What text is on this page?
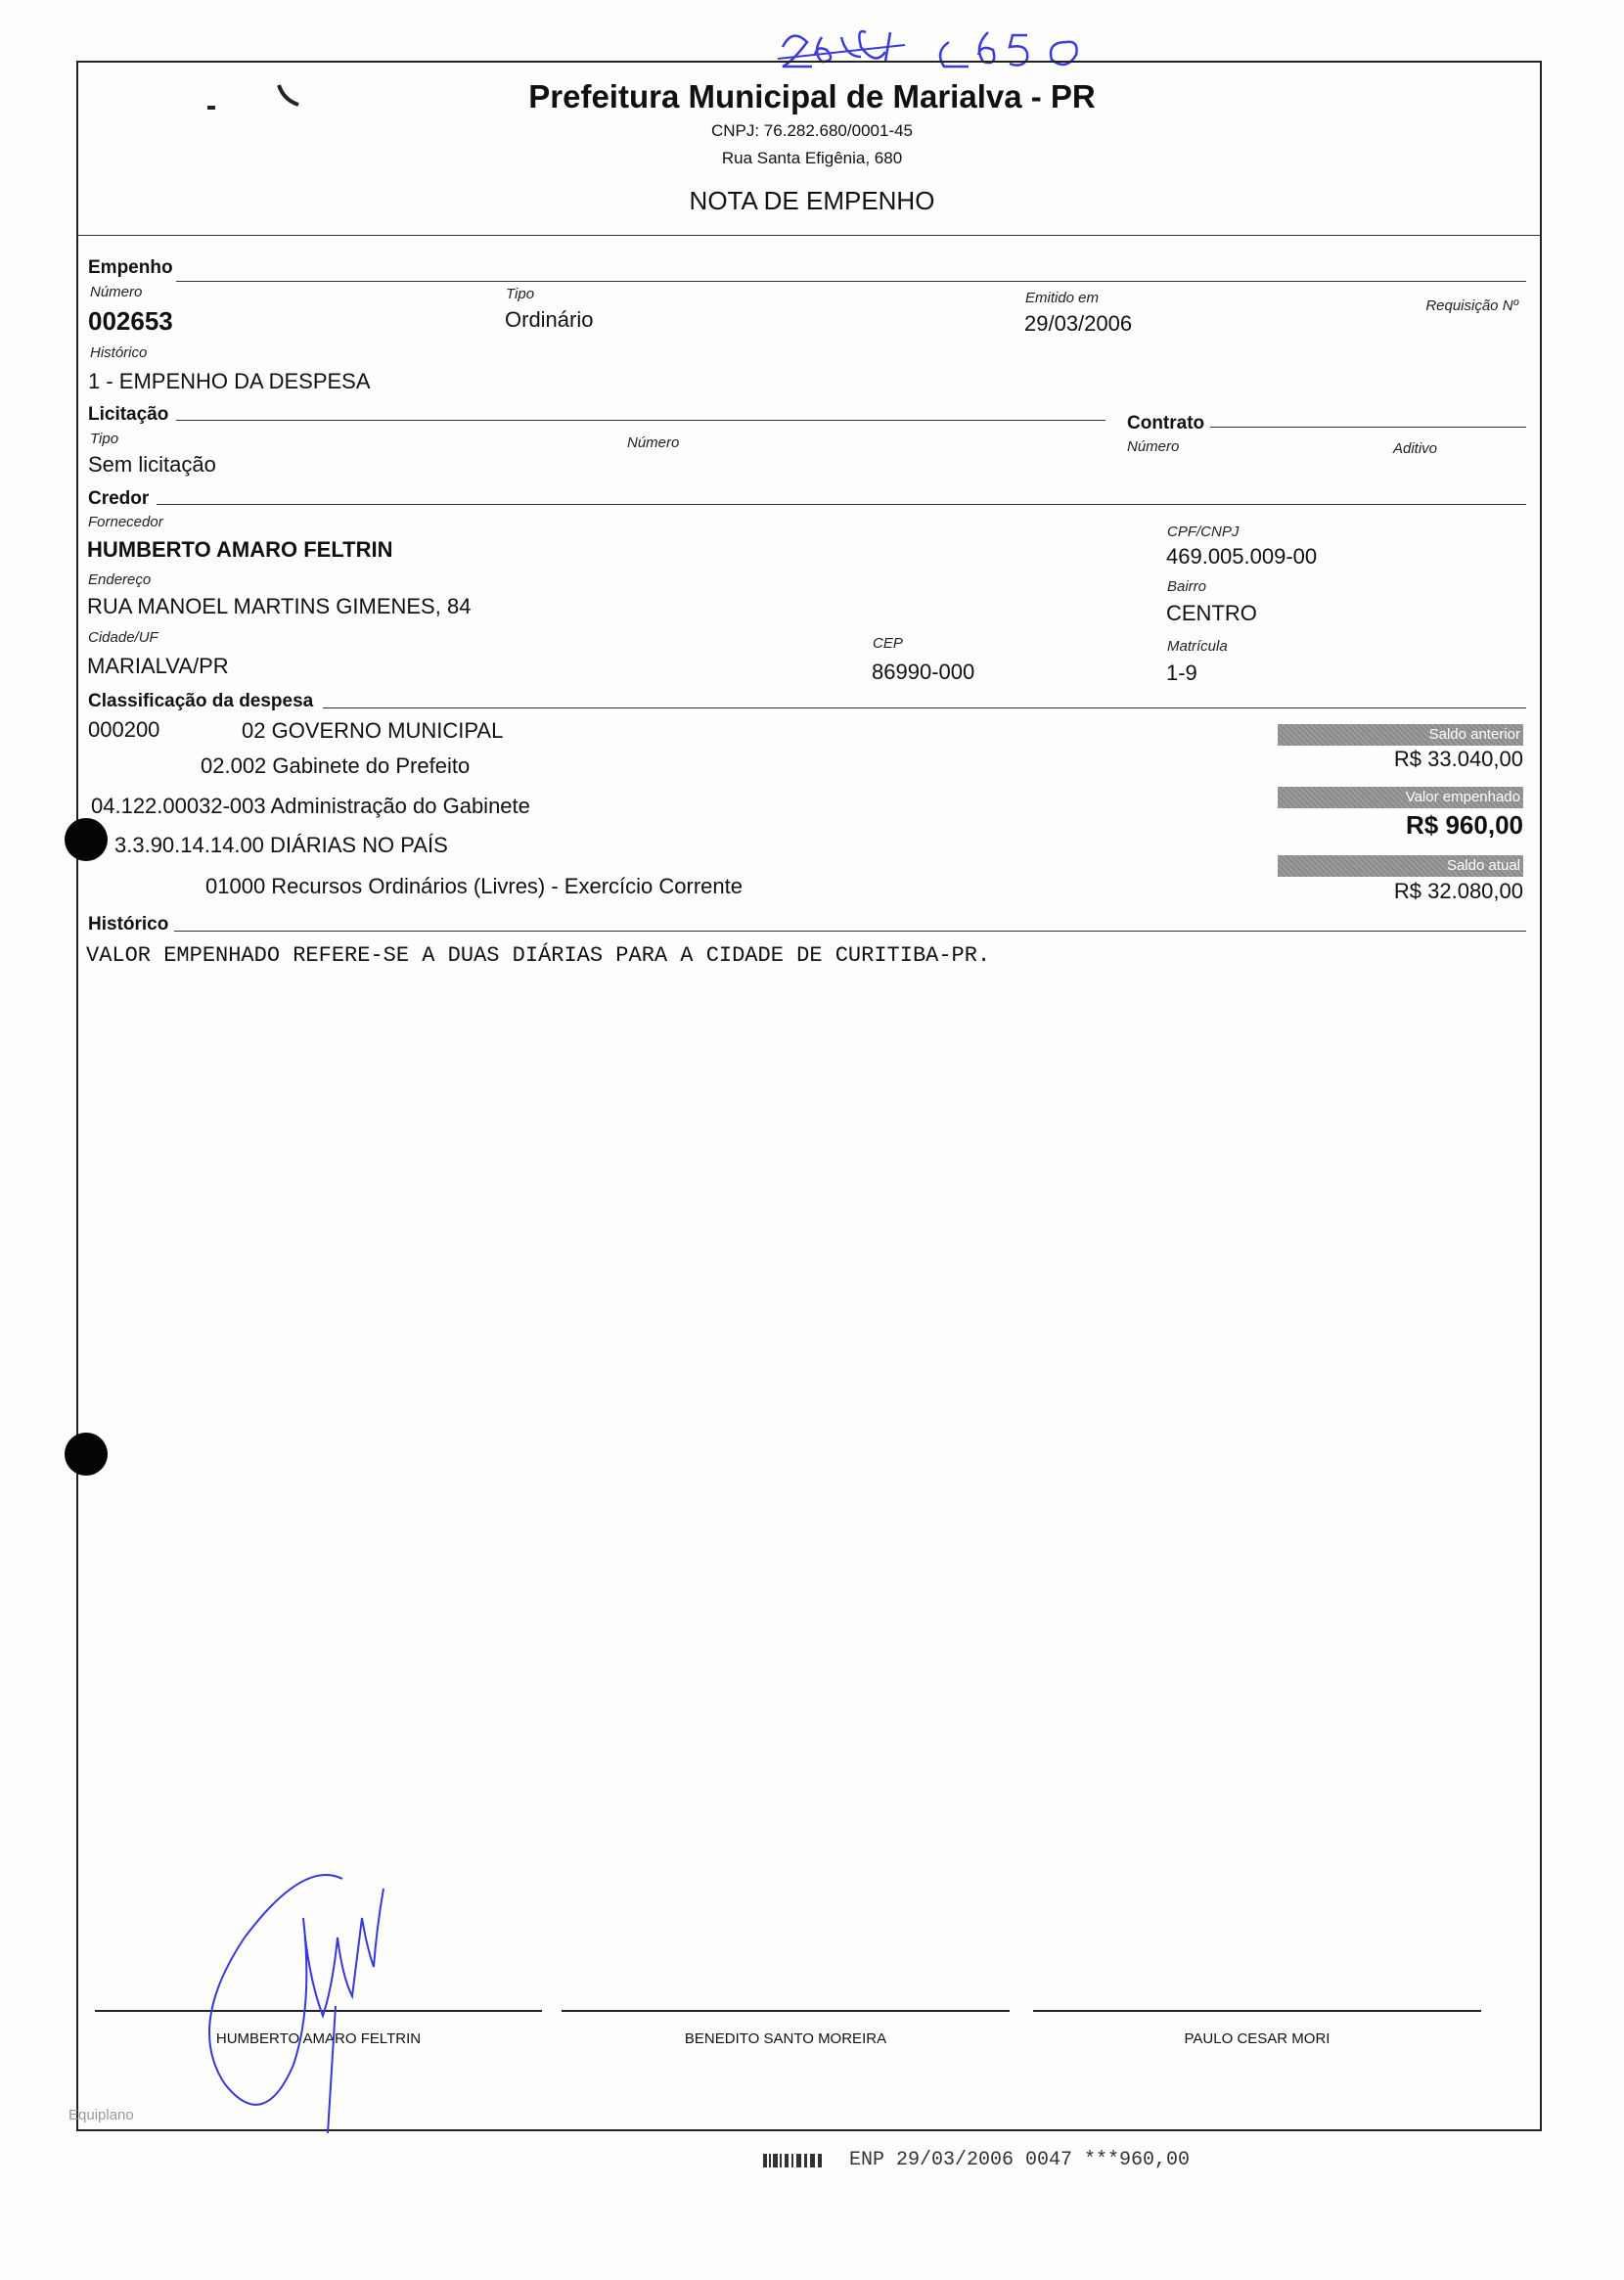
Prefeitura Municipal de Marialva - PR
CNPJ: 76.282.680/0001-45
Rua Santa Efigênia, 680
NOTA DE EMPENHO
Empenho
Número
002653
Tipo
Ordinário
Emitido em
29/03/2006
Requisição Nº
Histórico
1 - EMPENHO DA DESPESA
Licitação
Tipo
Sem licitação
Número
Contrato
Número	Aditivo
Credor
Fornecedor
HUMBERTO AMARO FELTRIN
CPF/CNPJ
469.005.009-00
Endereço
RUA MANOEL MARTINS GIMENES, 84
Bairro
CENTRO
Cidade/UF
MARIALVA/PR
CEP
86990-000
Matrícula
1-9
Classificação da despesa
000200	02 GOVERNO MUNICIPAL
02.002 Gabinete do Prefeito
04.122.00032-003 Administração do Gabinete
3.3.90.14.14.00 DIÁRIAS NO PAÍS
01000 Recursos Ordinários (Livres) - Exercício Corrente
Saldo anterior
R$ 33.040,00
Valor empenhado
R$ 960,00
Saldo atual
R$ 32.080,00
Histórico
VALOR EMPENHADO REFERE-SE A DUAS DIÁRIAS PARA A CIDADE DE CURITIBA-PR.
HUMBERTO AMARO FELTRIN	BENEDITO SANTO MOREIRA	PAULO CESAR MORI
Equiplano
ENP 29/03/2006 0047 ***960,00
